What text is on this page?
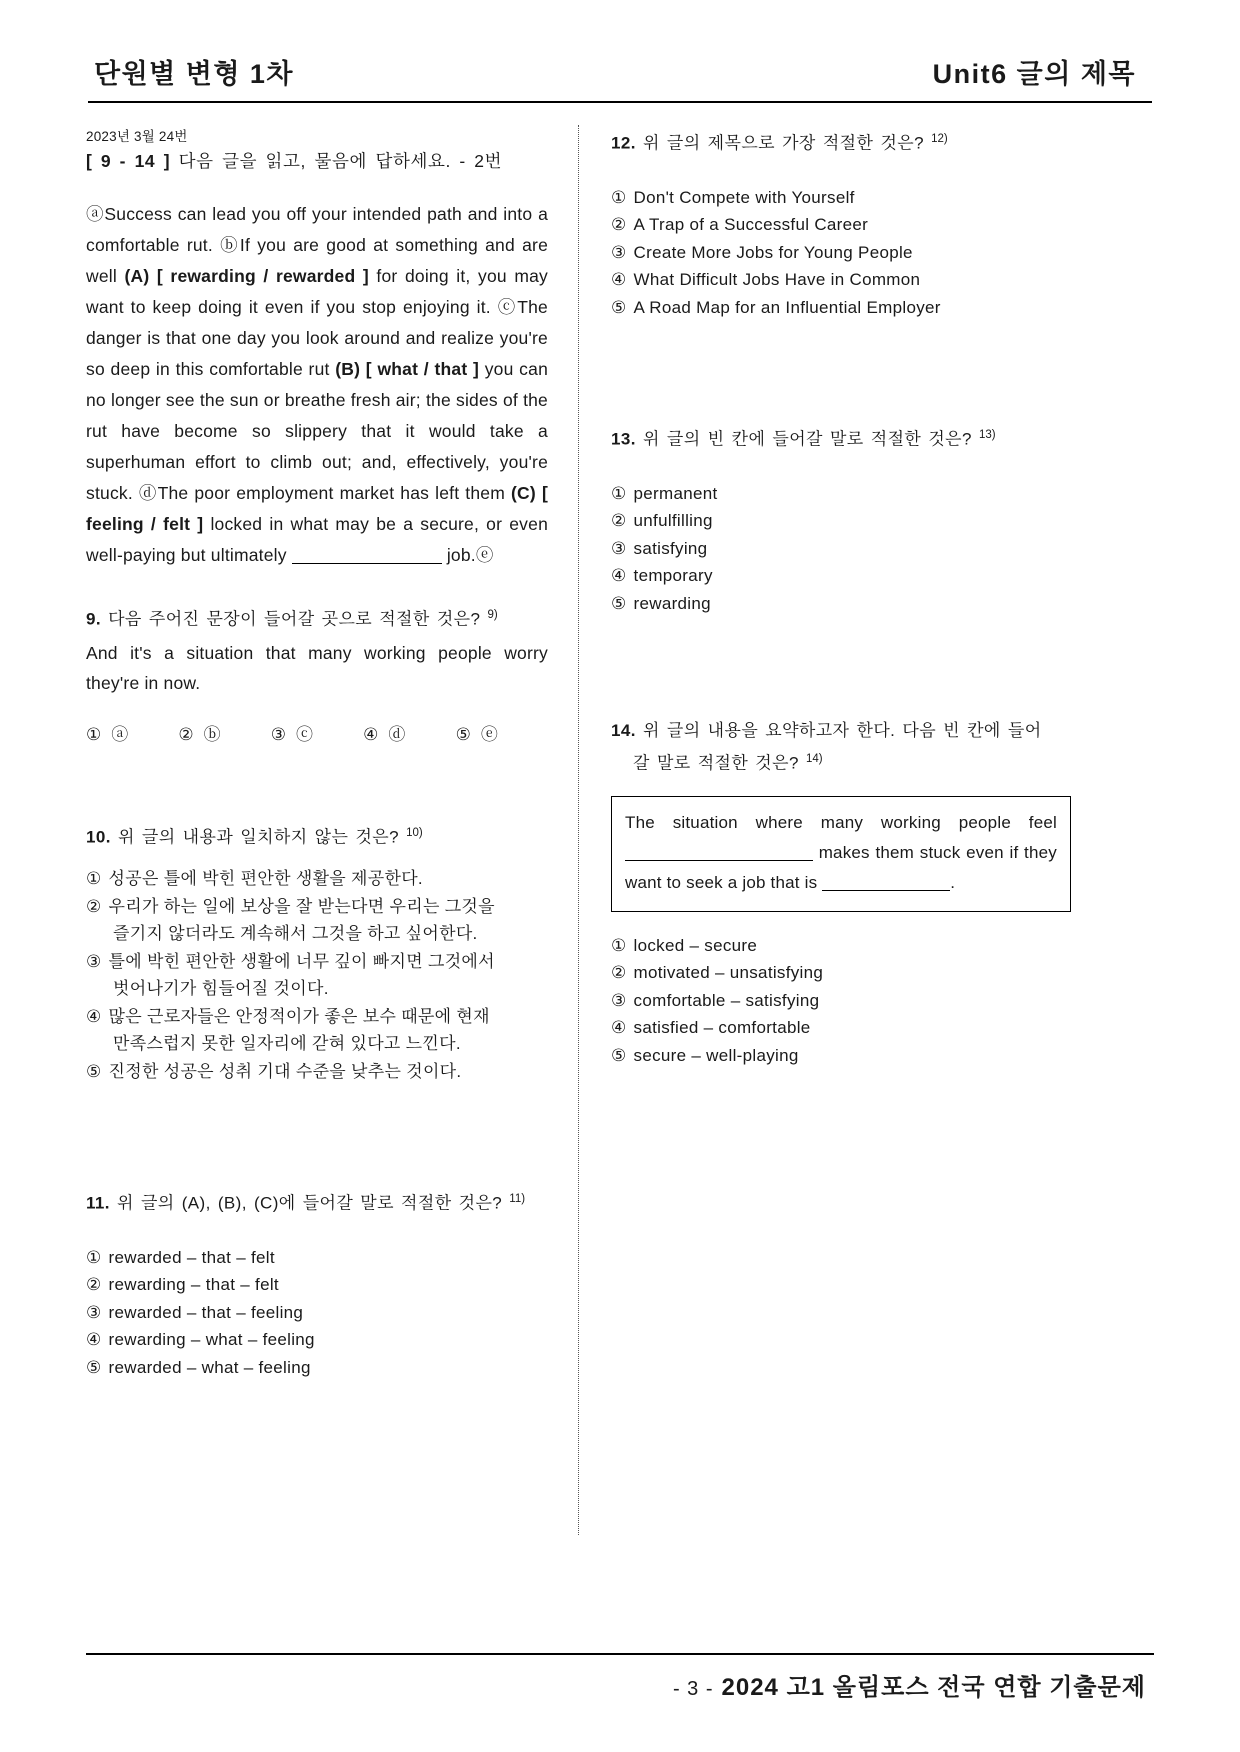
단원별 변형 1차	Unit6 글의 제목
2023년 3월 24번
[ 9 - 14 ] 다음 글을 읽고, 물음에 답하세요. - 2번
ⓐSuccess can lead you off your intended path and into a comfortable rut. ⓑIf you are good at something and are well (A) [ rewarding / rewarded ] for doing it, you may want to keep doing it even if you stop enjoying it. ⓒThe danger is that one day you look around and realize you're so deep in this comfortable rut (B) [ what / that ] you can no longer see the sun or breathe fresh air; the sides of the rut have become so slippery that it would take a superhuman effort to climb out; and, effectively, you're stuck. ⓓThe poor employment market has left them (C) [ feeling / felt ] locked in what may be a secure, or even well-paying but ultimately	job.ⓔ
9. 다음 주어진 문장이 들어갈 곳으로 적절한 것은? $^{9)}$
And it's a situation that many working people worry they're in now.
① ⓐ	② ⓑ	③ ⓒ	④ ⓓ	⑤ ⓔ
10. 위 글의 내용과 일치하지 않는 것은? $^{10)}$
① 성공은 틀에 박힌 편안한 생활을 제공한다.
② 우리가 하는 일에 보상을 잘 받는다면 우리는 그것을
즐기지 않더라도 계속해서 그것을 하고 싶어한다.
③ 틀에 박힌 편안한 생활에 너무 깊이 빠지면 그것에서
벗어나기가 힘들어질 것이다.
④ 많은 근로자들은 안정적이가 좋은 보수 때문에 현재
만족스럽지 못한 일자리에 갇혀 있다고 느낀다.
⑤ 진정한 성공은 성취 기대 수준을 낮추는 것이다.
11. 위 글의 (A), (B), (C)에 들어갈 말로 적절한 것은? $^{11)}$
① rewarded – that – felt
② rewarding – that – felt
③ rewarded – that – feeling
④ rewarding – what – feeling
⑤ rewarded – what – feeling
12. 위 글의 제목으로 가장 적절한 것은? $^{12)}$
① Don't Compete with Yourself
② A Trap of a Successful Career
③ Create More Jobs for Young People
④ What Difficult Jobs Have in Common
⑤ A Road Map for an Influential Employer
13. 위 글의 빈 칸에 들어갈 말로 적절한 것은? $^{13)}$
① permanent
② unfulfilling
③ satisfying
④ temporary
⑤ rewarding
14. 위 글의 내용을 요약하고자 한다. 다음 빈 칸에 들어
갈 말로 적절한 것은? $^{14)}$
The situation where many working people feel  makes them stuck even if they want to seek a job that is	.
① locked – secure
② motivated – unsatisfying
③ comfortable – satisfying
④ satisfied – comfortable
⑤ secure – well-playing
- 3 - 2024 고1 올림포스 전국 연합 기출문제
